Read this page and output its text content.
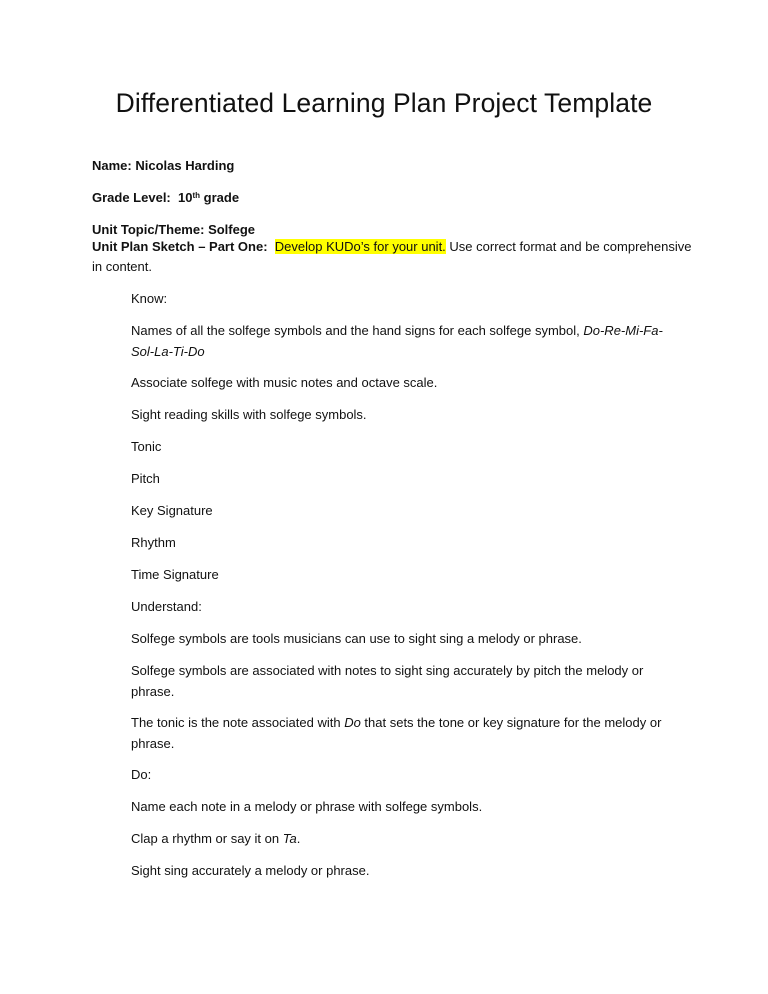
Differentiated Learning Plan Project Template
Name: Nicolas Harding
Grade Level: 10th grade
Unit Topic/Theme: Solfege
Unit Plan Sketch – Part One: Develop KUDo’s for your unit. Use correct format and be comprehensive
in content.
Know:
Names of all the solfege symbols and the hand signs for each solfege symbol, Do-Re-Mi-Fa-Sol-La-Ti-Do
Associate solfege with music notes and octave scale.
Sight reading skills with solfege symbols.
Tonic
Pitch
Key Signature
Rhythm
Time Signature
Understand:
Solfege symbols are tools musicians can use to sight sing a melody or phrase.
Solfege symbols are associated with notes to sight sing accurately by pitch the melody or phrase.
The tonic is the note associated with Do that sets the tone or key signature for the melody or phrase.
Do:
Name each note in a melody or phrase with solfege symbols.
Clap a rhythm or say it on Ta.
Sight sing accurately a melody or phrase.
